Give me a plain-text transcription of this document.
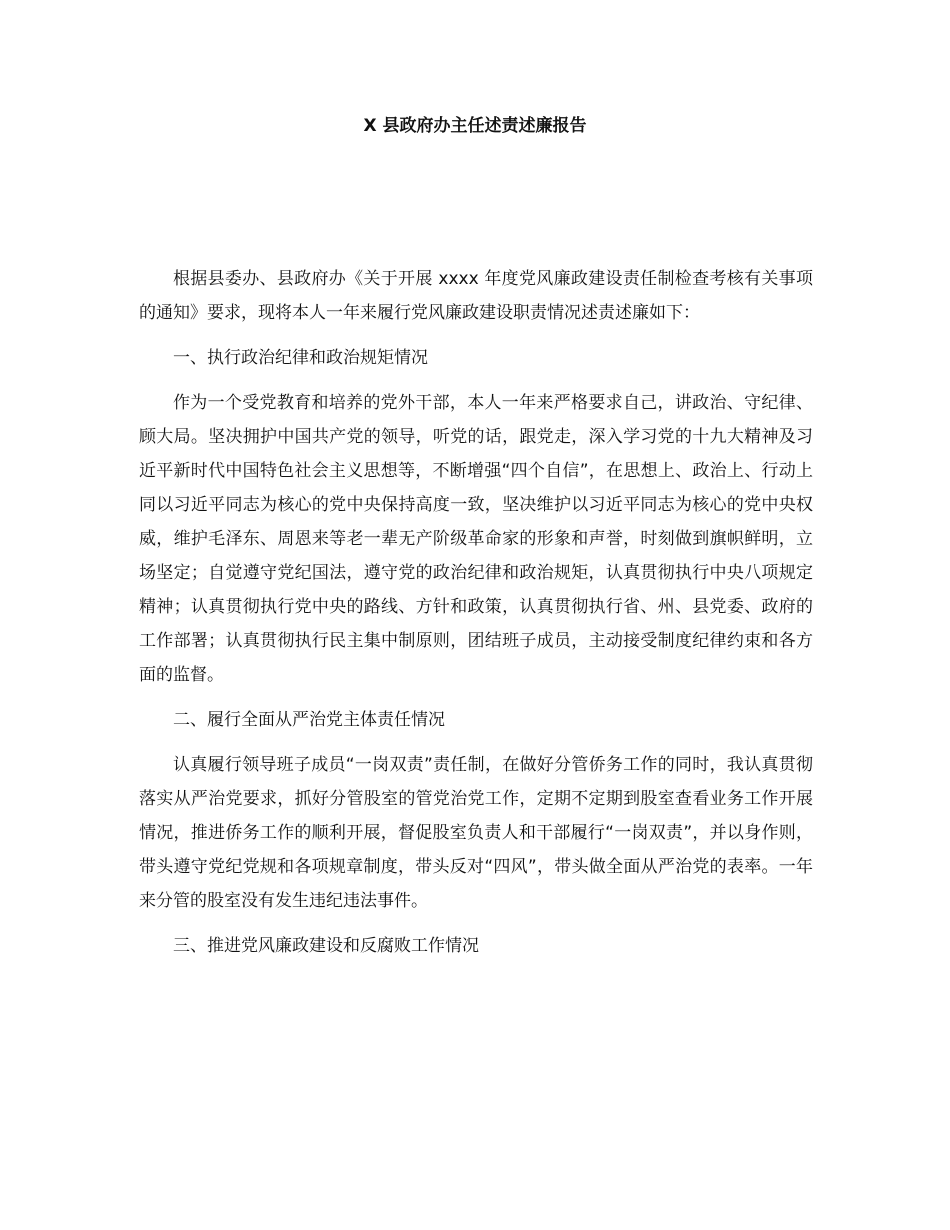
X 县政府办主任述责述廉报告

根据县委办、县政府办《关于开展 xxxx 年度党风廉政建设责任制检查考核有关事项的通知》要求，现将本人一年来履行党风廉政建设职责情况述责述廉如下：

一、执行政治纪律和政治规矩情况

作为一个受党教育和培养的党外干部，本人一年来严格要求自己，讲政治、守纪律、顾大局。坚决拥护中国共产党的领导，听党的话，跟党走，深入学习党的十九大精神及习近平新时代中国特色社会主义思想等，不断增强“四个自信”，在思想上、政治上、行动上同以习近平同志为核心的党中央保持高度一致，坚决维护以习近平同志为核心的党中央权威，维护毛泽东、周恩来等老一辈无产阶级革命家的形象和声誉，时刻做到旗帜鲜明，立场坚定；自觉遵守党纪国法，遵守党的政治纪律和政治规矩，认真贯彻执行中央八项规定精神；认真贯彻执行党中央的路线、方针和政策，认真贯彻执行省、州、县党委、政府的工作部署；认真贯彻执行民主集中制原则，团结班子成员，主动接受制度纪律约束和各方面的监督。

二、履行全面从严治党主体责任情况

认真履行领导班子成员“一岗双责”责任制，在做好分管侨务工作的同时，我认真贯彻落实从严治党要求，抓好分管股室的管党治党工作，定期不定期到股室查看业务工作开展情况，推进侨务工作的顺利开展，督促股室负责人和干部履行“一岗双责”，并以身作则，带头遵守党纪党规和各项规章制度，带头反对“四风”，带头做全面从严治党的表率。一年来分管的股室没有发生违纪违法事件。

三、推进党风廉政建设和反腐败工作情况
